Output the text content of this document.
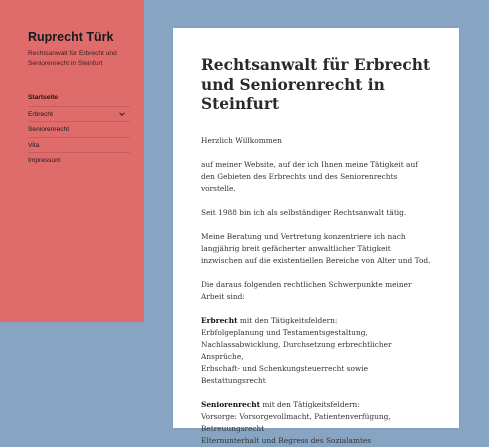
Ruprecht Türk

Rechtsanwalt für Erbrecht und Seniorenrecht in Steinfurt

Startseite
Erbrecht
Seniorenrecht
Vita
Impressum
Rechtsanwalt für Erbrecht und Seniorenrecht in Steinfurt

Herzlich Willkommen

auf meiner Website, auf der ich Ihnen meine Tätigkeit auf den Gebieten des Erbrechts und des Seniorenrechts vorstelle.

Seit 1988 bin ich als selbständiger Rechtsanwalt tätig.

Meine Beratung und Vertretung konzentriere ich nach langjährig breit gefächerter anwaltlicher Tätigkeit inzwischen auf die existentiellen Bereiche von Alter und Tod.

Die daraus folgenden rechtlichen Schwerpunkte meiner Arbeit sind:

Erbrecht mit den Tätigkeitsfeldern:
Erbfolgeplanung und Testamentsgestaltung,
Nachlassabwicklung, Durchsetzung erbrechtlicher Ansprüche,
Erbschaft- und Schenkungsteuerrecht sowie Bestattungsrecht

Seniorenrecht mit den Tätigkeitsfeldern:
Vorsorge: Vorsorgevollmacht, Patientenverfügung,
Betreuungsrecht
Elternunterhalt und Regress des Sozialamtes
